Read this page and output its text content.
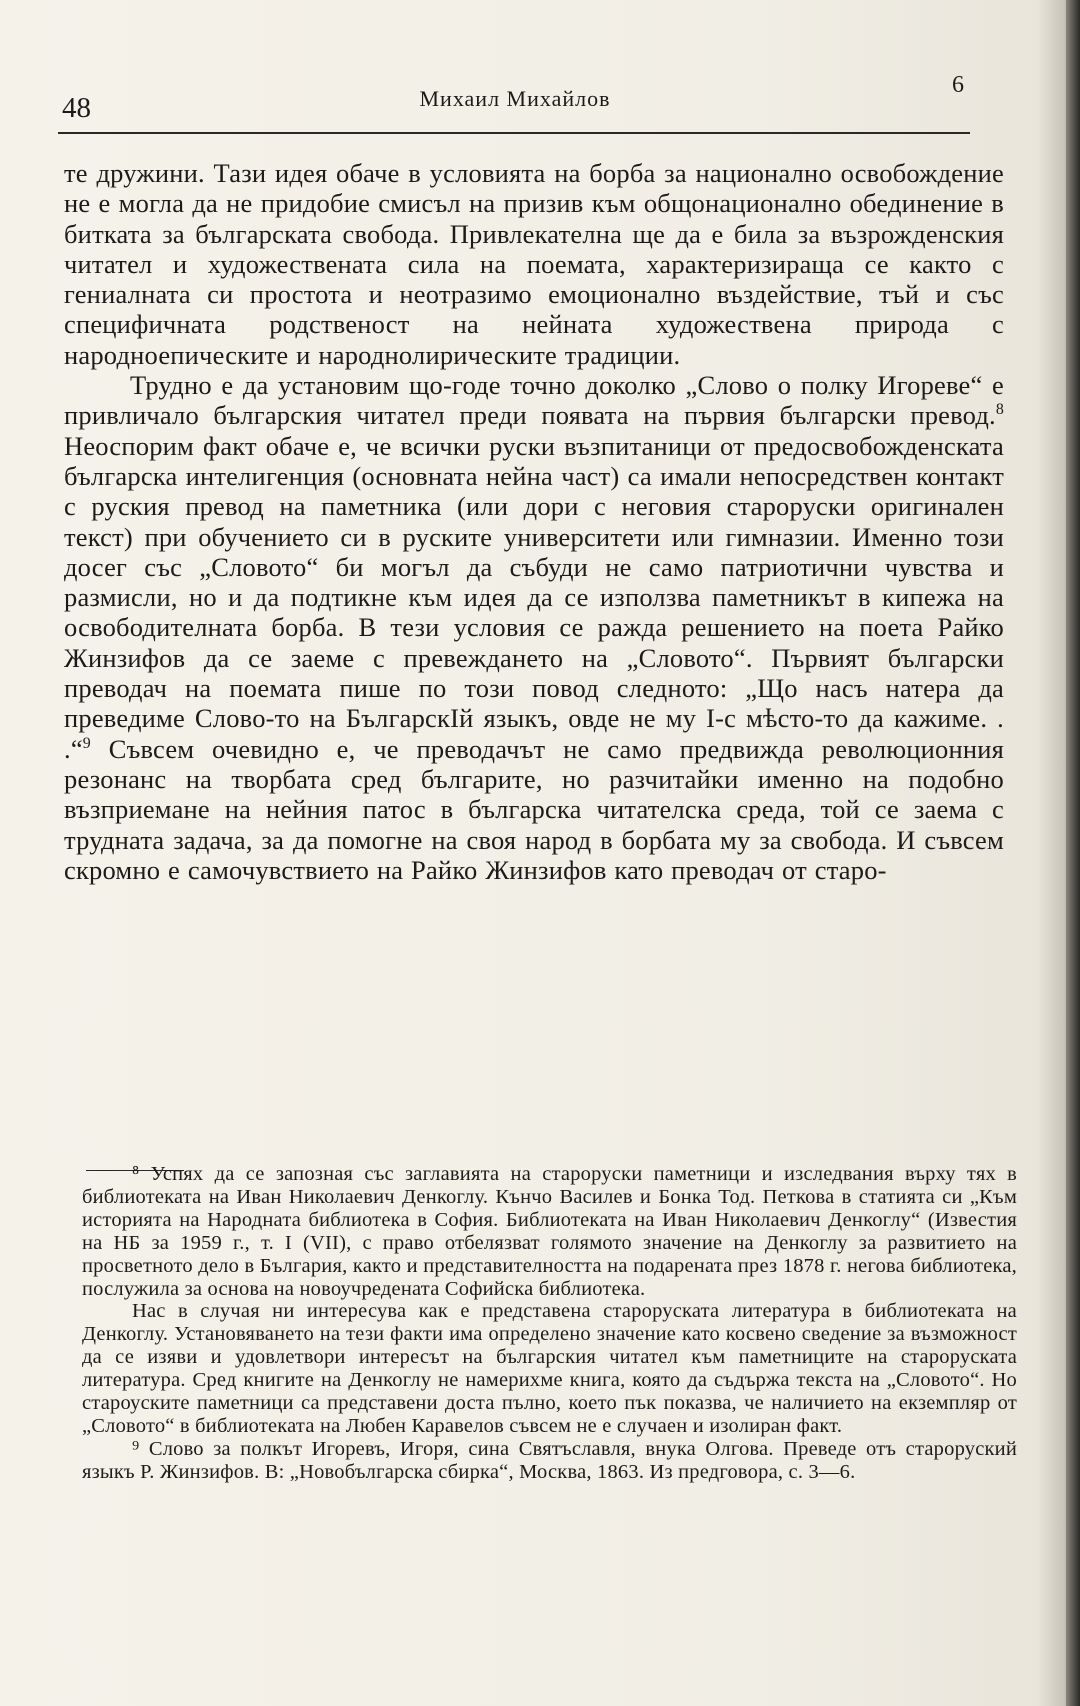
48	Михаил Михайлов
6

те дружини. Тази идея обаче в условията на борба за национално освобождение не е могла да не придобие смисъл на призив към общонационално обединение в битката за българската свобода. Привлекателна ще да е била за възрожденския читател и художествената сила на поемата, характеризираща се както с гениалната си простота и неотразимо емоционално въздействие, тъй и със специфичната родственост на нейната художествена природа с народноепическите и народнолирическите традиции.

Трудно е да установим що-годе точно доколко „Слово о полку Игореве“ е привличало българския читател преди появата на първия български превод.$^8$ Неоспорим факт обаче е, че всички руски възпитаници от предосвобожденската българска интелигенция (основната нейна част) са имали непосредствен контакт с руския превод на паметника (или дори с неговия староруски оригинален текст) при обучението си в руските университети или гимназии. Именно този досег със „Словото“ би могъл да събуди не само патриотични чувства и размисли, но и да подтикне към идея да се използва паметникът в кипежа на освободителната борба. В тези условия се ражда решението на поета Райко Жинзифов да се заеме с превеждането на „Словото“. Първият български преводач на поемата пише по този повод следното: „Що насъ натера да преведиме Слово-то на БългарскIй языкъ, овде не му I-с мѣсто-то да кажиме. . .“$^9$ Съвсем очевидно е, че преводачът не само предвижда революционния резонанс на творбата сред българите, но разчитайки именно на подобно възприемане на нейния патос в българска читателска среда, той се заема с трудната задача, за да помогне на своя народ в борбата му за свобода. И съвсем скромно е самочувствието на Райко Жинзифов като преводач от старо-

⁸ Успях да се запозная със заглавията на староруски паметници и изследвания върху тях в библиотеката на Иван Николаевич Денкоглу. Кънчо Василев и Бонка Тод. Петкова в статията си „Към историята на Народната библиотека в София. Библиотеката на Иван Николаевич Денкоглу“ (Известия на НБ за 1959 г., т. I (VII), с право отбелязват голямото значение на Денкоглу за развитието на просветното дело в България, както и представителността на подарената през 1878 г. негова библиотека, послужила за основа на новоучредената Софийска библиотека.

Нас в случая ни интересува как е представена староруската литература в библиотеката на Денкоглу. Установяването на тези факти има определено значение като косвено сведение за възможност да се изяви и удовлетвори интересът на българския читател към паметниците на староруската литература. Сред книгите на Денкоглу не намерихме книга, която да съдържа текста на „Словото“. Но староуските паметници са представени доста пълно, което пък показва, че наличието на екземпляр от „Словото“ в библиотеката на Любен Каравелов съвсем не е случаен и изолиран факт.

⁹ Слово за полкът Игоревъ, Игоря, сина Святъславля, внука Олгова. Преведе отъ староруский языкъ Р. Жинзифов. В: „Новобългарска сбирка“, Москва, 1863. Из предговора, с. 3—6.
